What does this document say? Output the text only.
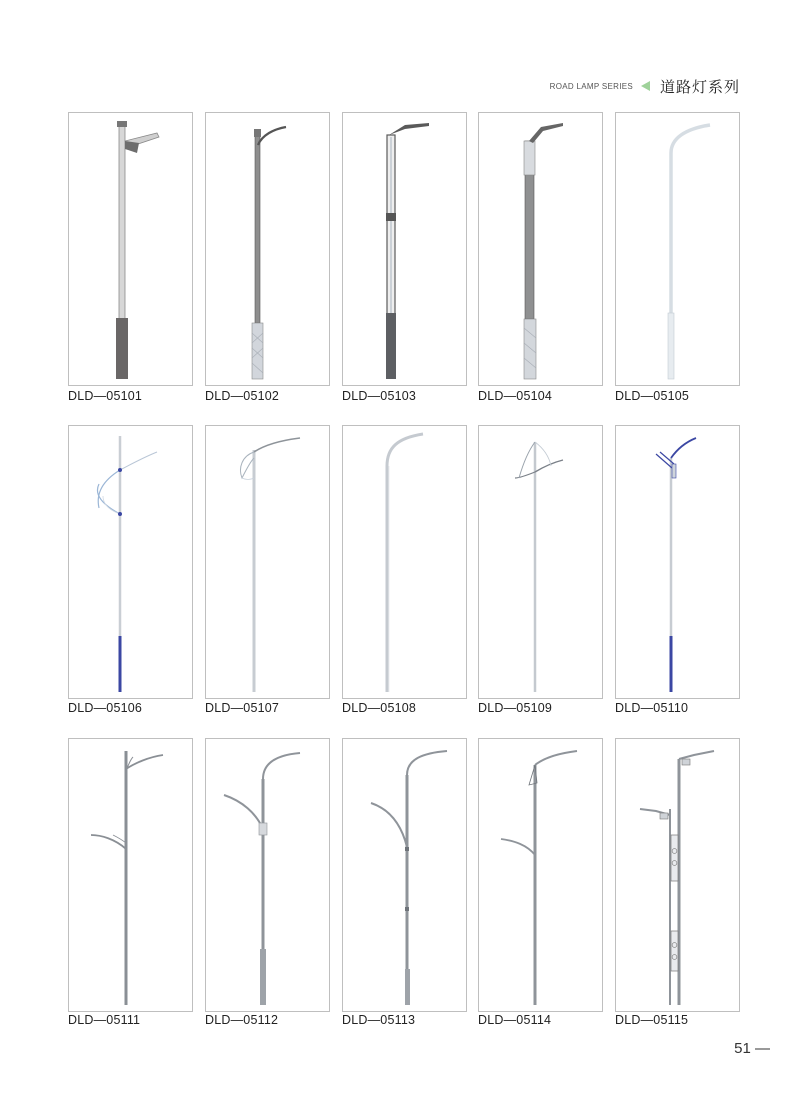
ROAD LAMP SERIES 道路灯系列
DLD—05101	DLD—05102	DLD—05103	DLD—05104	DLD—05105
DLD—05106	DLD—05107	DLD—05108	DLD—05109	DLD—05110
DLD—05111	DLD—05112	DLD—05113	DLD—05114	DLD—05115
51 —
